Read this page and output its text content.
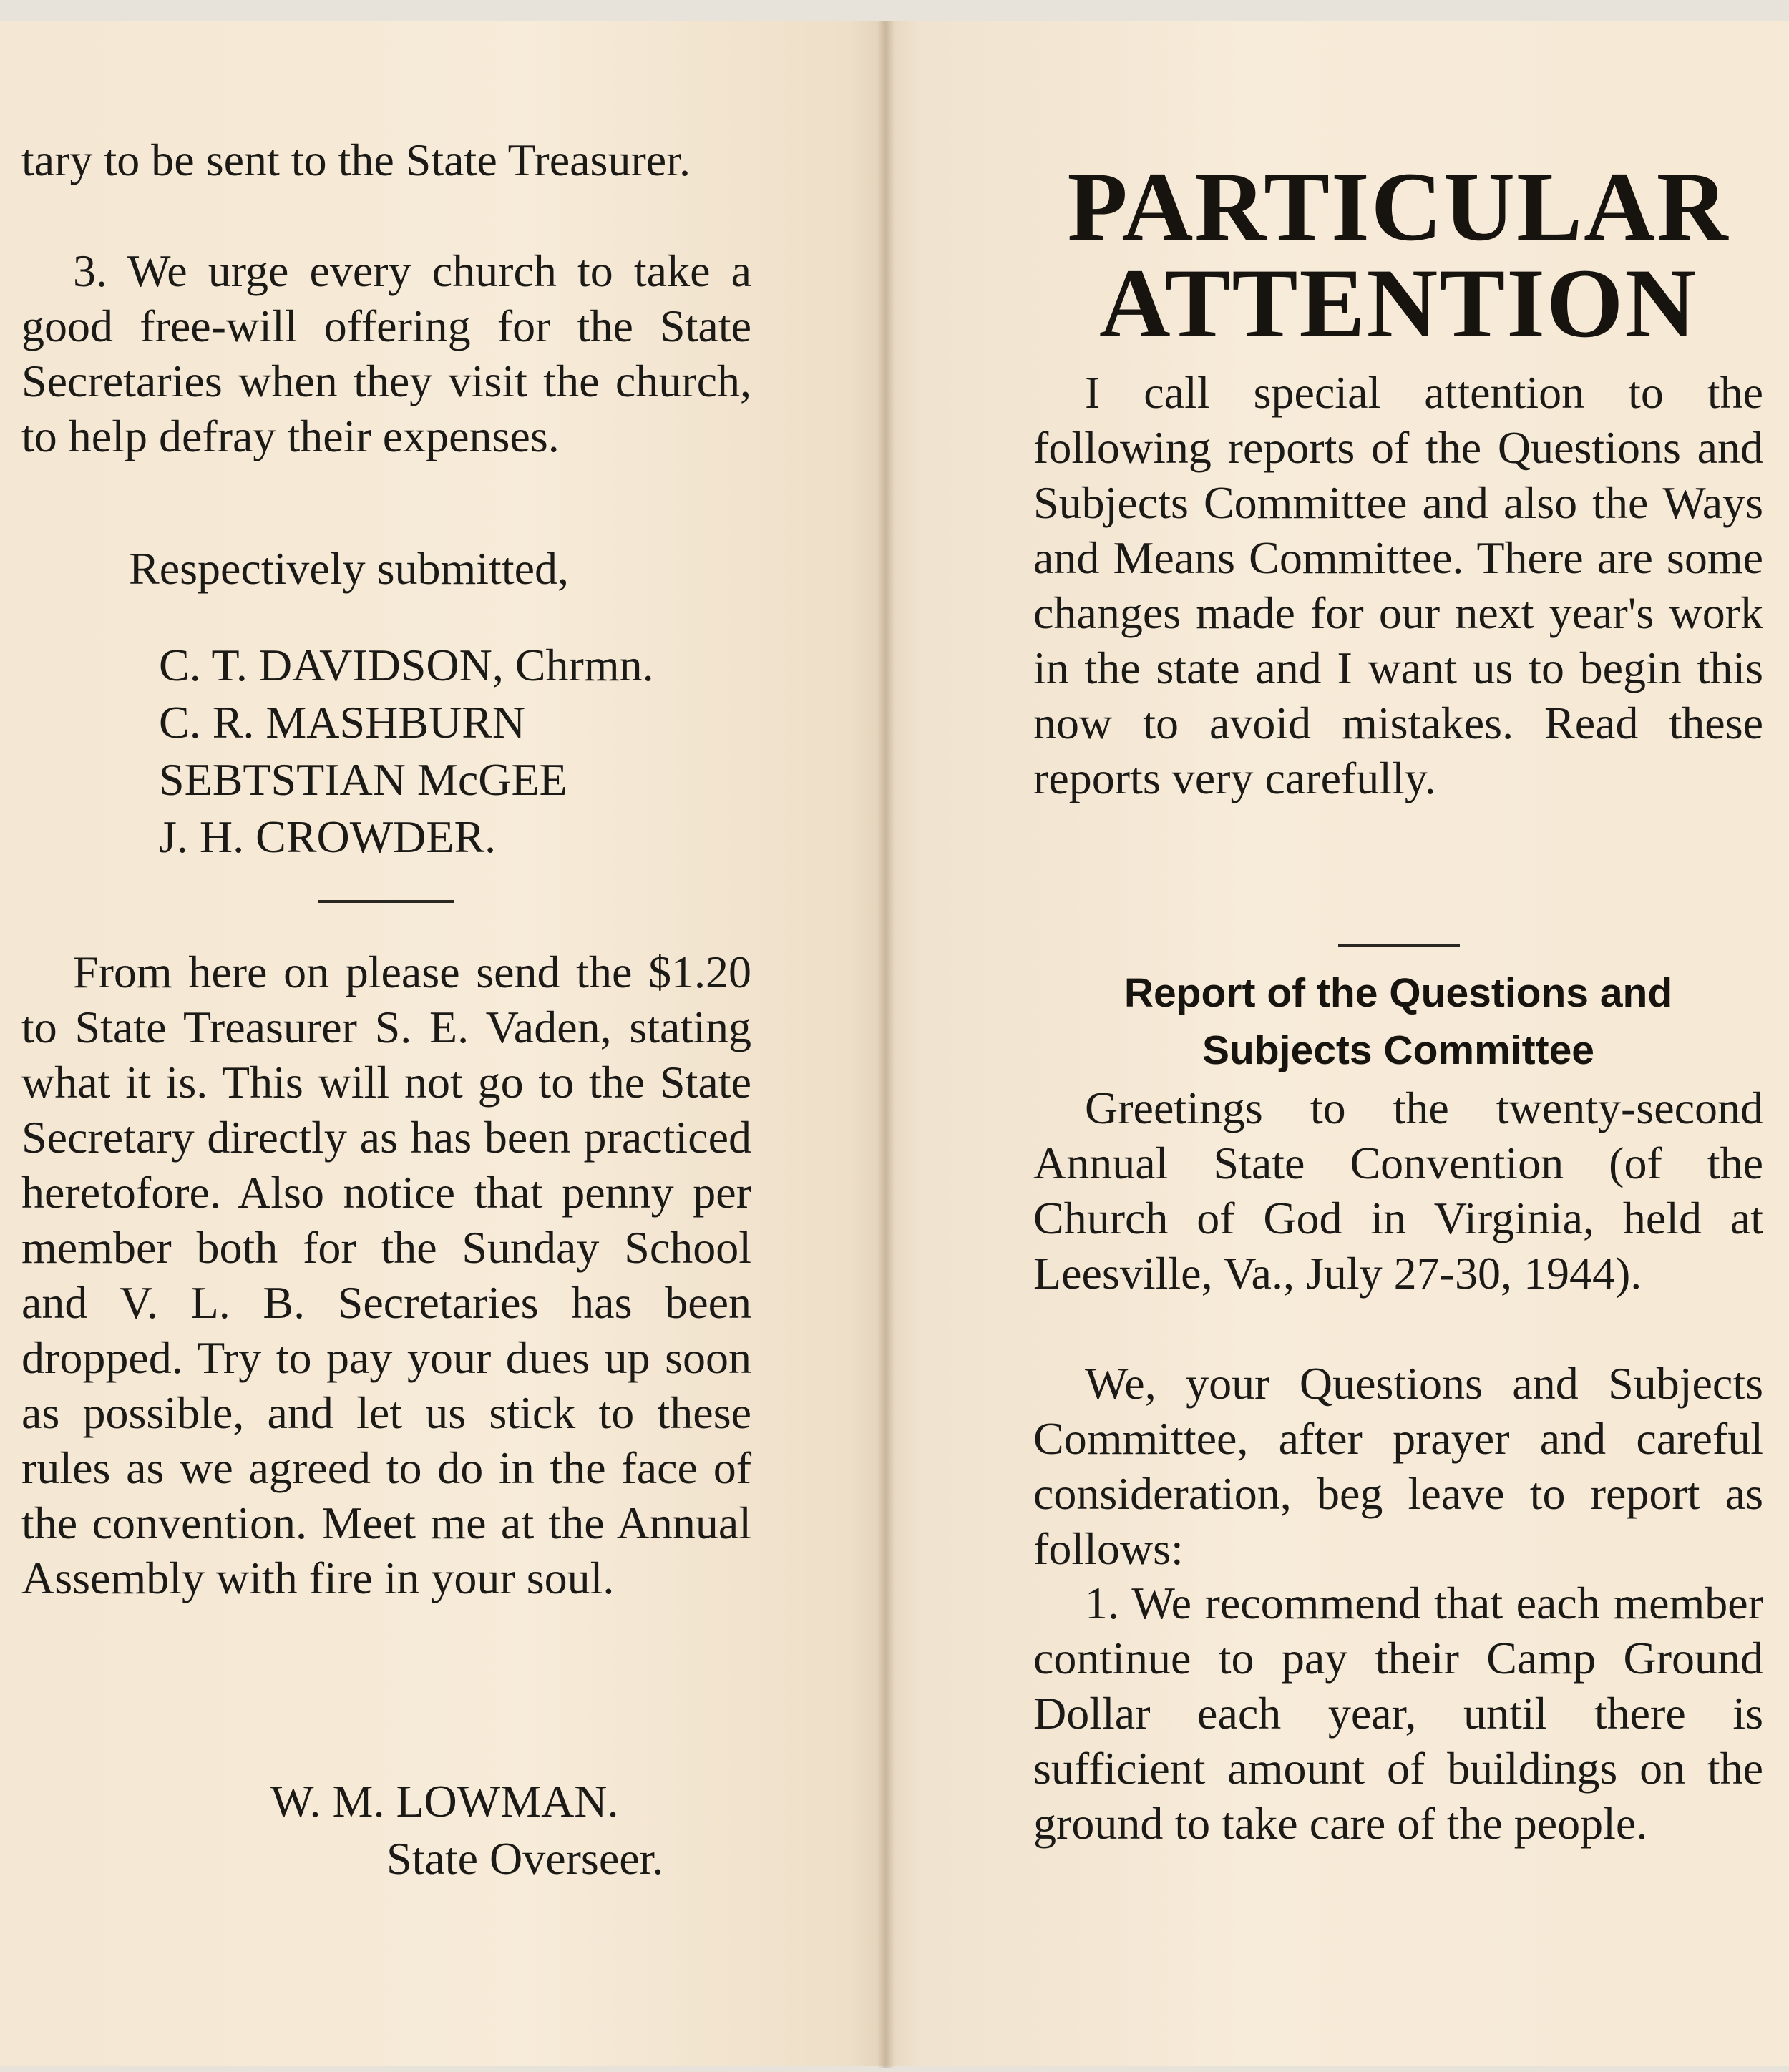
tary to be sent to the State Treasurer.

3. We urge every church to take a good free-will offering for the State Secretaries when they visit the church, to help defray their expenses.

Respectively submitted,

C. T. DAVIDSON, Chrmn.

C. R. MASHBURN

SEBTSTIAN McGEE

J. H. CROWDER.

From here on please send the $1.20 to State Treasurer S. E. Vaden, stating what it is. This will not go to the State Secretary directly as has been practiced heretofore. Also notice that penny per member both for the Sunday School and V. L. B. Secretaries has been dropped. Try to pay your dues up soon as possible, and let us stick to these rules as we agreed to do in the face of the convention. Meet me at the Annual Assembly with fire in your soul.

W. M. LOWMAN.

State Overseer.

PARTICULAR

ATTENTION

I call special attention to the following reports of the Questions and Subjects Committee and also the Ways and Means Committee. There are some changes made for our next year's work in the state and I want us to begin this now to avoid mistakes. Read these reports very carefully.

Report of the Questions and

Subjects Committee

Greetings to the twenty-second Annual State Convention (of the Church of God in Virginia, held at Leesville, Va., July 27-30, 1944).

We, your Questions and Subjects Committee, after prayer and careful consideration, beg leave to report as follows:

1. We recommend that each member continue to pay their Camp Ground Dollar each year, until there is sufficient amount of buildings on the ground to take care of the people.
